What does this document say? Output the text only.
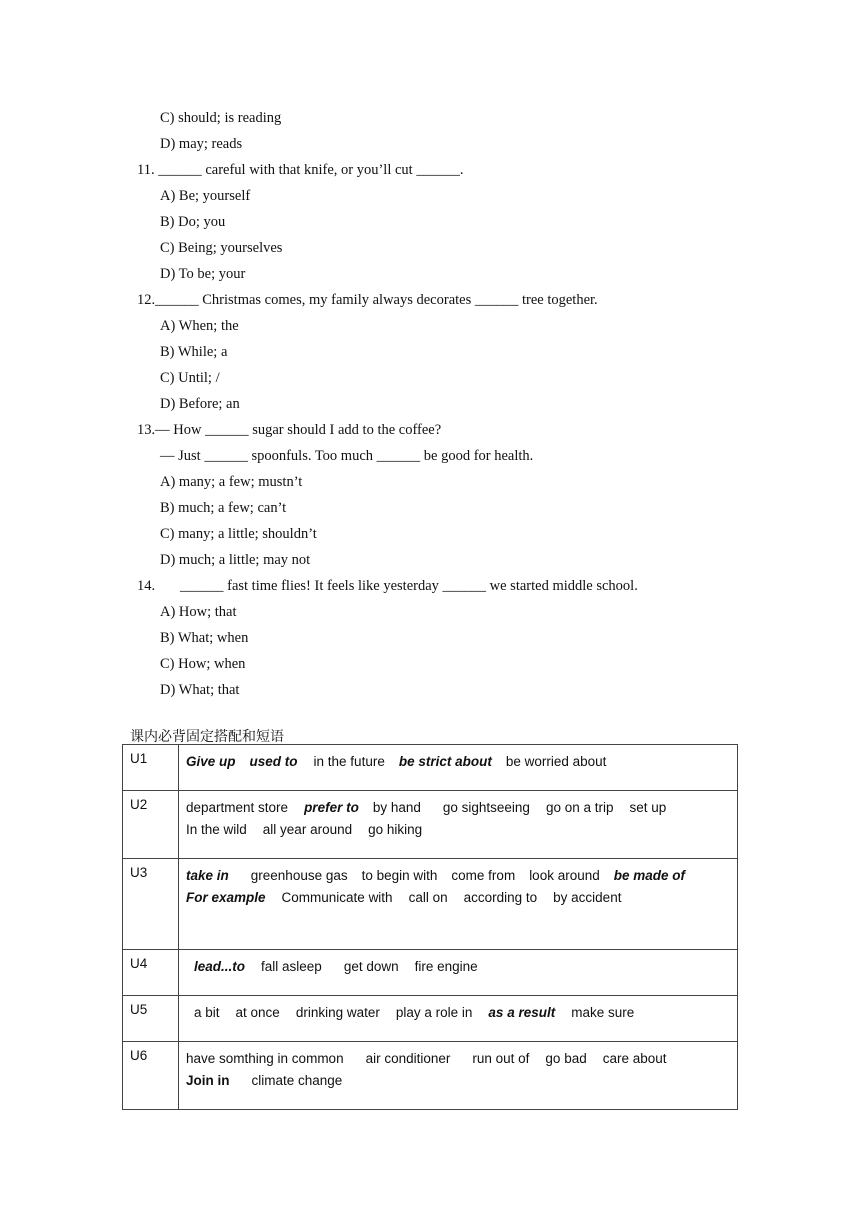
C) should; is reading
D) may; reads
11. ______ careful with that knife, or you’ll cut ______.
A) Be; yourself
B) Do; you
C) Being; yourselves
D) To be; your
12.______ Christmas comes, my family always decorates ______ tree together.
A) When; the
B) While; a
C) Until; /
D) Before; an
13.— How ______ sugar should I add to the coffee?
— Just ______ spoonfuls. Too much ______ be good for health.
A) many; a few; mustn’t
B) much; a few; can’t
C) many; a little; shouldn’t
D) much; a little; may not
14. ______ fast time flies! It feels like yesterday ______ we started middle school.
A) How; that
B) What; when
C) How; when
D) What; that
课内必背固定搭配和短语
U1	Give up used to in the future be strict about be worried about

U2	department store prefer to by hand go sightseeing go on a trip set up
In the wild all year around go hiking

U3	take in greenhouse gas to begin with come from look around be made of
For example Communicate with call on according to by accident

U4	lead...to fall asleep get down fire engine

U5	a bit at once drinking water play a role in as a result make sure

U6	have somthing in common air conditioner run out of go bad care about
Join in climate change
